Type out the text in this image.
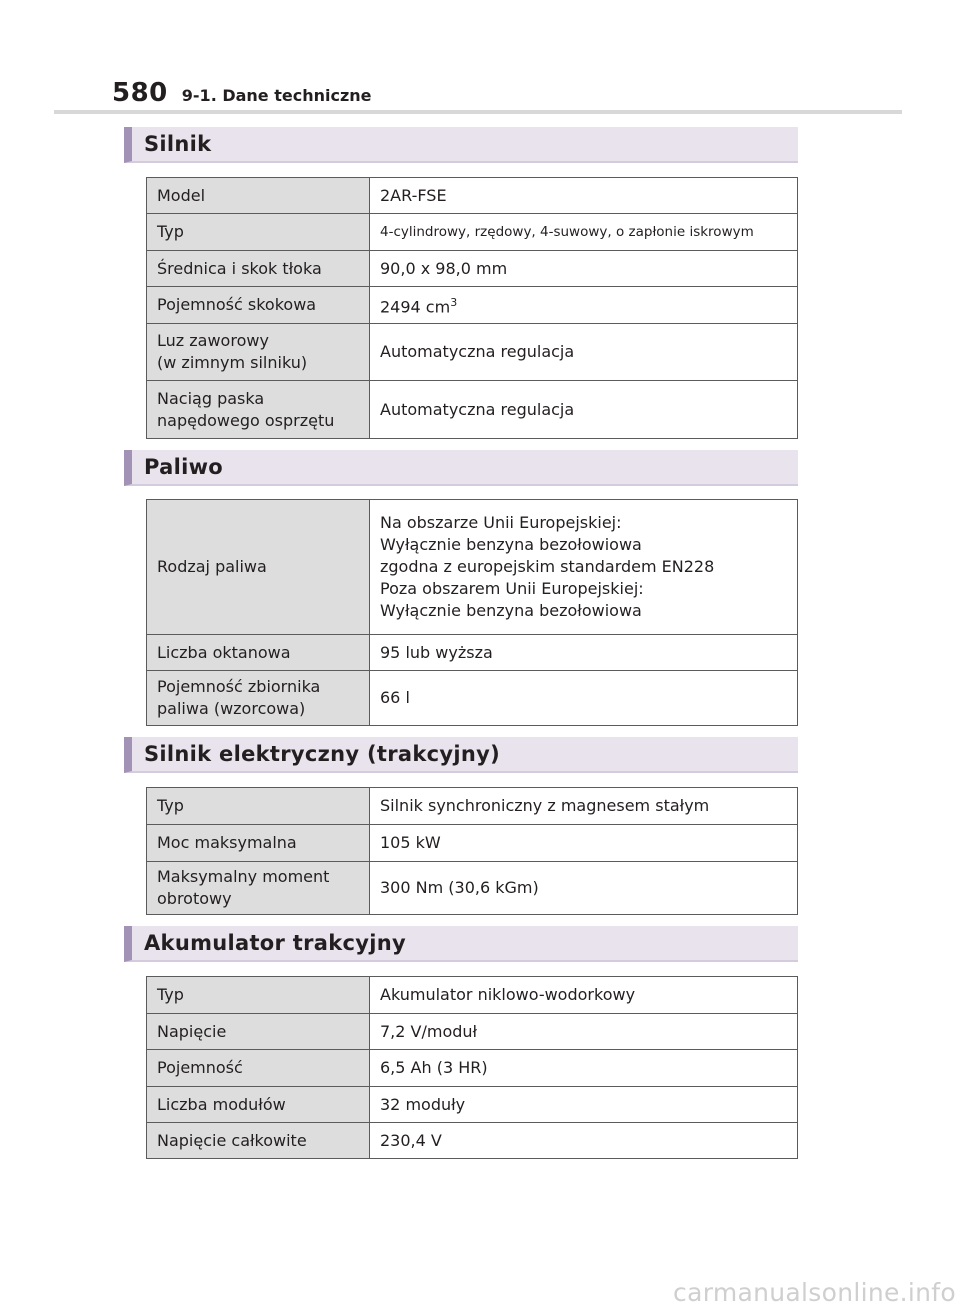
580 9-1. Dane techniczne
Silnik
Model	2AR-FSE
Typ	4-cylindrowy, rzędowy, 4-suwowy, o zapłonie iskrowym
Średnica i skok tłoka	90,0 x 98,0 mm
Pojemność skokowa	2494 $cm^3$
Luz zaworowy
(w zimnym silniku)	Automatyczna regulacja
Naciąg paska
napędowego osprzętu	Automatyczna regulacja
Paliwo
Rodzaj paliwa	Na obszarze Unii Europejskiej:
Wyłącznie benzyna bezołowiowa
zgodna z europejskim standardem EN228
Poza obszarem Unii Europejskiej:
Wyłącznie benzyna bezołowiowa
Liczba oktanowa	95 lub wyższa
Pojemność zbiornika
paliwa (wzorcowa)	66 l
Silnik elektryczny (trakcyjny)
Typ	Silnik synchroniczny z magnesem stałym
Moc maksymalna	105 kW
Maksymalny moment
obrotowy	300 Nm (30,6 kGm)
Akumulator trakcyjny
Typ	Akumulator niklowo-wodorkowy
Napięcie	7,2 V/moduł
Pojemność	6,5 Ah (3 HR)
Liczba modułów	32 moduły
Napięcie całkowite	230,4 V
carmanualsonline.info
